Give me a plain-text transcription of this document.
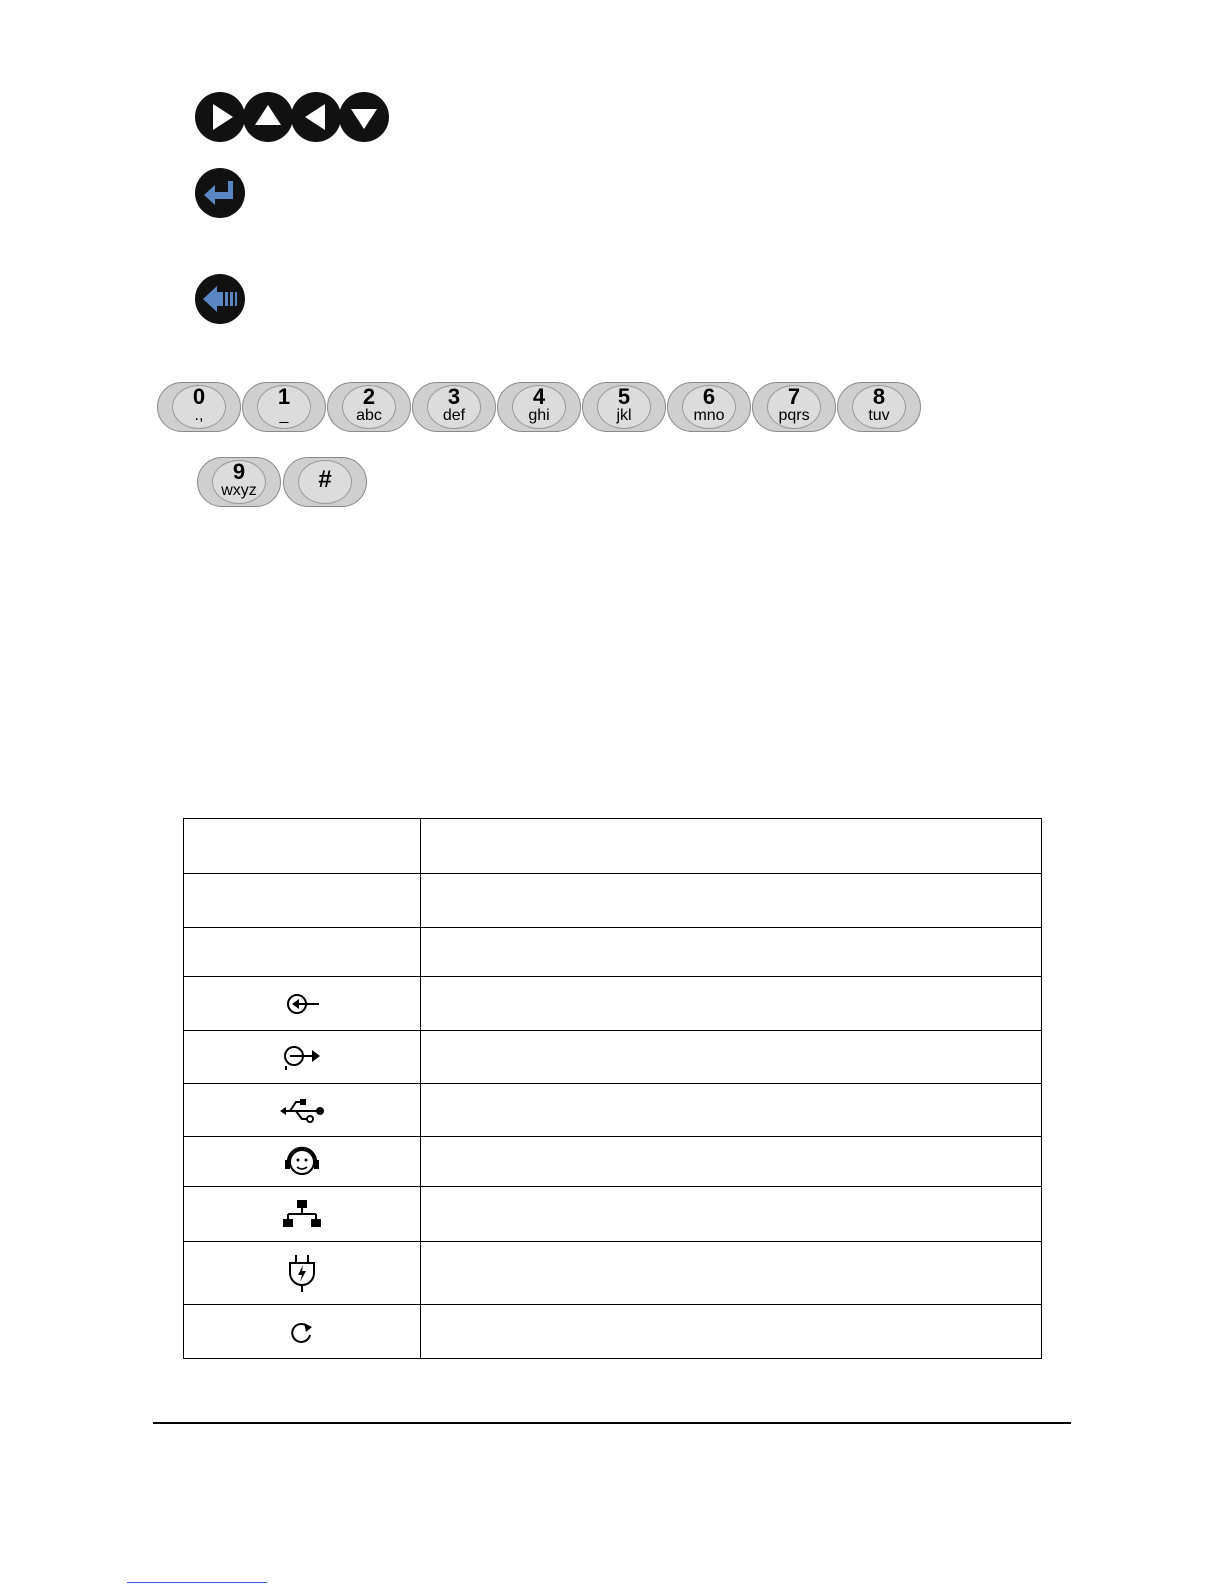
0
.,
1
_
2
abc
3
def
4
ghi
5
jkl
6
mno
7
pqrs
8
tuv
9
wxyz	#
